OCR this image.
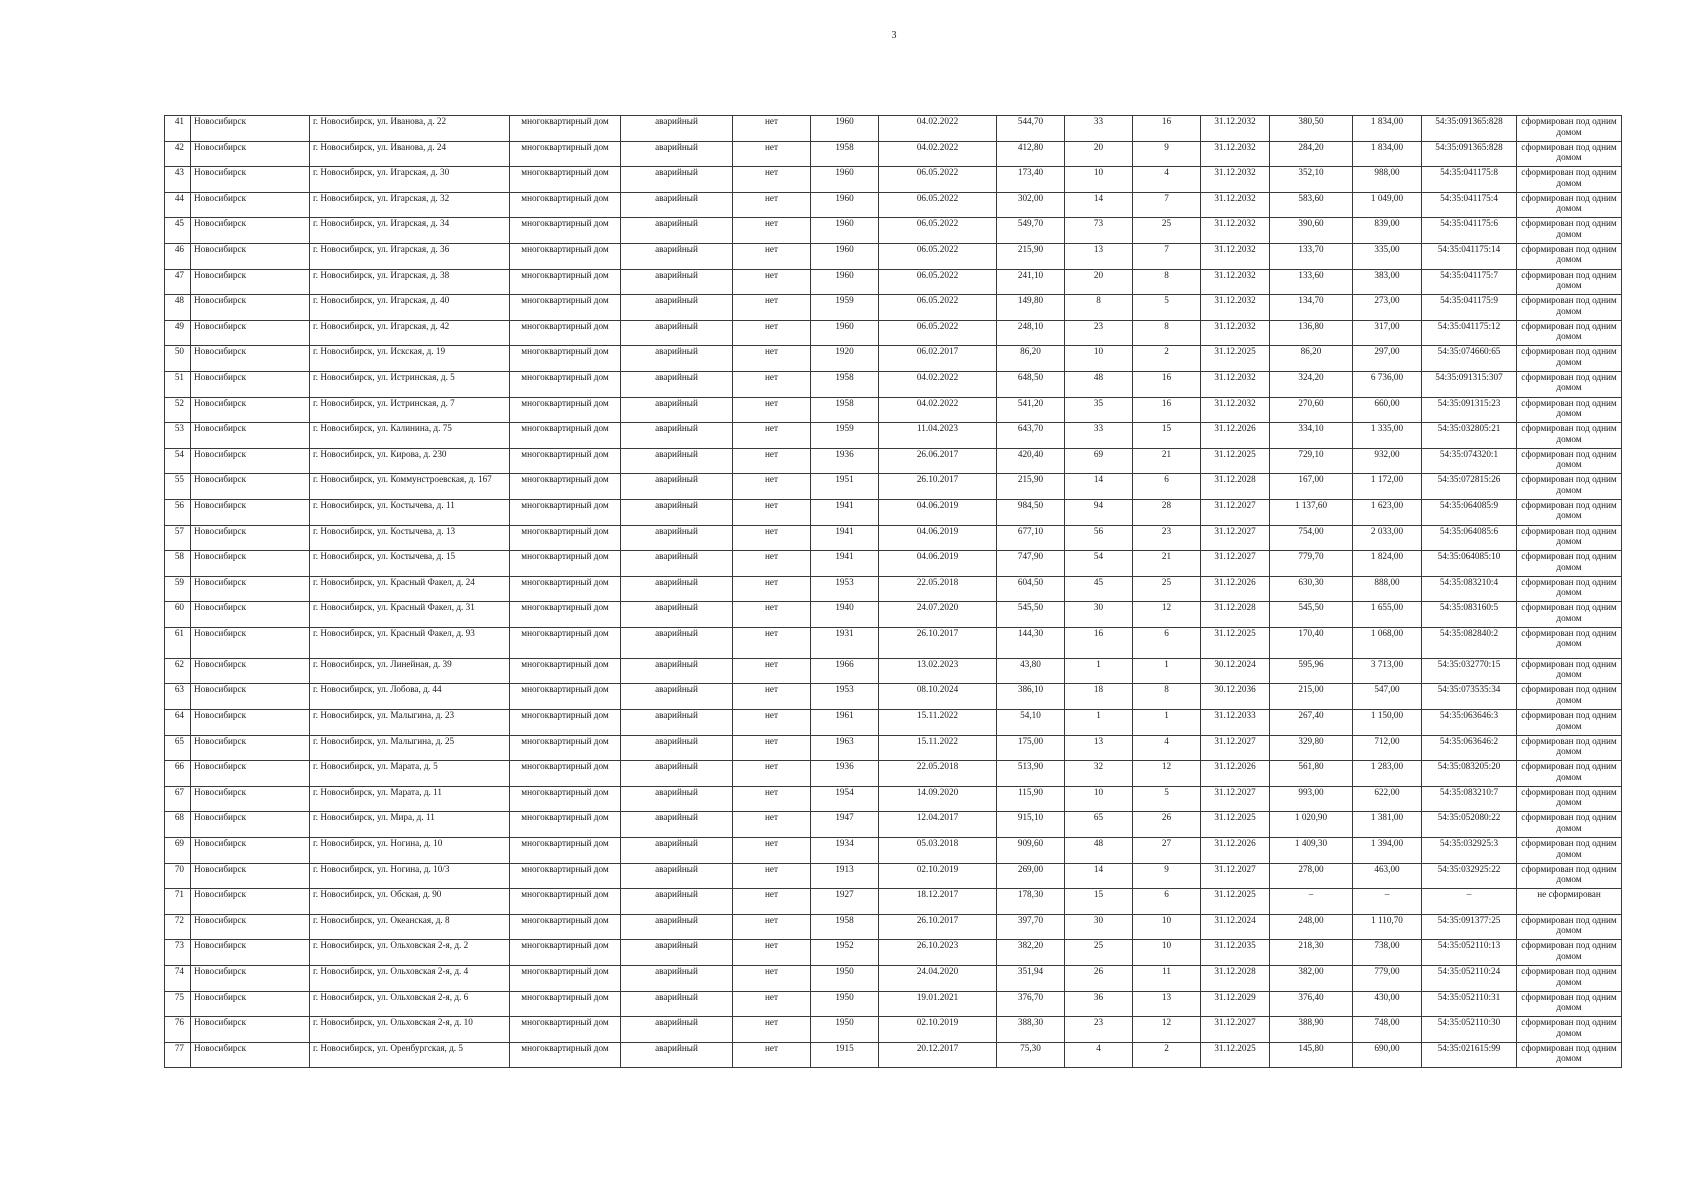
3
41	Новосибирск	г. Новосибирск, ул. Иванова, д. 22	многоквартирный дом	аварийный	нет	1960	04.02.2022	544,70	33	16	31.12.2032	380,50	1 834,00	54:35:091365:828	сформирован под одним домом
42	Новосибирск	г. Новосибирск, ул. Иванова, д. 24	многоквартирный дом	аварийный	нет	1958	04.02.2022	412,80	20	9	31.12.2032	284,20	1 834,00	54:35:091365:828	сформирован под одним домом
43	Новосибирск	г. Новосибирск, ул. Игарская, д. 30	многоквартирный дом	аварийный	нет	1960	06.05.2022	173,40	10	4	31.12.2032	352,10	988,00	54:35:041175:8	сформирован под одним домом
44	Новосибирск	г. Новосибирск, ул. Игарская, д. 32	многоквартирный дом	аварийный	нет	1960	06.05.2022	302,00	14	7	31.12.2032	583,60	1 049,00	54:35:041175:4	сформирован под одним домом
45	Новосибирск	г. Новосибирск, ул. Игарская, д. 34	многоквартирный дом	аварийный	нет	1960	06.05.2022	549,70	73	25	31.12.2032	390,60	839,00	54:35:041175:6	сформирован под одним домом
46	Новосибирск	г. Новосибирск, ул. Игарская, д. 36	многоквартирный дом	аварийный	нет	1960	06.05.2022	215,90	13	7	31.12.2032	133,70	335,00	54:35:041175:14	сформирован под одним домом
47	Новосибирск	г. Новосибирск, ул. Игарская, д. 38	многоквартирный дом	аварийный	нет	1960	06.05.2022	241,10	20	8	31.12.2032	133,60	383,00	54:35:041175:7	сформирован под одним домом
48	Новосибирск	г. Новосибирск, ул. Игарская, д. 40	многоквартирный дом	аварийный	нет	1959	06.05.2022	149,80	8	5	31.12.2032	134,70	273,00	54:35:041175:9	сформирован под одним домом
49	Новосибирск	г. Новосибирск, ул. Игарская, д. 42	многоквартирный дом	аварийный	нет	1960	06.05.2022	248,10	23	8	31.12.2032	136,80	317,00	54:35:041175:12	сформирован под одним домом
50	Новосибирск	г. Новосибирск, ул. Искская, д. 19	многоквартирный дом	аварийный	нет	1920	06.02.2017	86,20	10	2	31.12.2025	86,20	297,00	54:35:074660:65	сформирован под одним домом
51	Новосибирск	г. Новосибирск, ул. Истринская, д. 5	многоквартирный дом	аварийный	нет	1958	04.02.2022	648,50	48	16	31.12.2032	324,20	6 736,00	54:35:091315:307	сформирован под одним домом
52	Новосибирск	г. Новосибирск, ул. Истринская, д. 7	многоквартирный дом	аварийный	нет	1958	04.02.2022	541,20	35	16	31.12.2032	270,60	660,00	54:35:091315:23	сформирован под одним домом
53	Новосибирск	г. Новосибирск, ул. Калинина, д. 75	многоквартирный дом	аварийный	нет	1959	11.04.2023	643,70	33	15	31.12.2026	334,10	1 335,00	54:35:032805:21	сформирован под одним домом
54	Новосибирск	г. Новосибирск, ул. Кирова, д. 230	многоквартирный дом	аварийный	нет	1936	26.06.2017	420,40	69	21	31.12.2025	729,10	932,00	54:35:074320:1	сформирован под одним домом
55	Новосибирск	г. Новосибирск, ул. Коммунстроевская, д. 167	многоквартирный дом	аварийный	нет	1951	26.10.2017	215,90	14	6	31.12.2028	167,00	1 172,00	54:35:072815:26	сформирован под одним домом
56	Новосибирск	г. Новосибирск, ул. Костычева, д. 11	многоквартирный дом	аварийный	нет	1941	04.06.2019	984,50	94	28	31.12.2027	1 137,60	1 623,00	54:35:064085:9	сформирован под одним домом
57	Новосибирск	г. Новосибирск, ул. Костычева, д. 13	многоквартирный дом	аварийный	нет	1941	04.06.2019	677,10	56	23	31.12.2027	754,00	2 033,00	54:35:064085:6	сформирован под одним домом
58	Новосибирск	г. Новосибирск, ул. Костычева, д. 15	многоквартирный дом	аварийный	нет	1941	04.06.2019	747,90	54	21	31.12.2027	779,70	1 824,00	54:35:064085:10	сформирован под одним домом
59	Новосибирск	г. Новосибирск, ул. Красный Факел, д. 24	многоквартирный дом	аварийный	нет	1953	22.05.2018	604,50	45	25	31.12.2026	630,30	888,00	54:35:083210:4	сформирован под одним домом
60	Новосибирск	г. Новосибирск, ул. Красный Факел, д. 31	многоквартирный дом	аварийный	нет	1940	24.07.2020	545,50	30	12	31.12.2028	545,50	1 655,00	54:35:083160:5	сформирован под одним домом
61	Новосибирск	г. Новосибирск, ул. Красный Факел, д. 93	многоквартирный дом	аварийный	нет	1931	26.10.2017	144,30	16	6	31.12.2025	170,40	1 068,00	54:35:082840:2	сформирован под одним домом
62	Новосибирск	г. Новосибирск, ул. Линейная, д. 39	многоквартирный дом	аварийный	нет	1966	13.02.2023	43,80	1	1	30.12.2024	595,96	3 713,00	54:35:032770:15	сформирован под одним домом
63	Новосибирск	г. Новосибирск, ул. Лобова, д. 44	многоквартирный дом	аварийный	нет	1953	08.10.2024	386,10	18	8	30.12.2036	215,00	547,00	54:35:073535:34	сформирован под одним домом
64	Новосибирск	г. Новосибирск, ул. Малыгина, д. 23	многоквартирный дом	аварийный	нет	1961	15.11.2022	54,10	1	1	31.12.2033	267,40	1 150,00	54:35:063646:3	сформирован под одним домом
65	Новосибирск	г. Новосибирск, ул. Малыгина, д. 25	многоквартирный дом	аварийный	нет	1963	15.11.2022	175,00	13	4	31.12.2027	329,80	712,00	54:35:063646:2	сформирован под одним домом
66	Новосибирск	г. Новосибирск, ул. Марата, д. 5	многоквартирный дом	аварийный	нет	1936	22.05.2018	513,90	32	12	31.12.2026	561,80	1 283,00	54:35:083205:20	сформирован под одним домом
67	Новосибирск	г. Новосибирск, ул. Марата, д. 11	многоквартирный дом	аварийный	нет	1954	14.09.2020	115,90	10	5	31.12.2027	993,00	622,00	54:35:083210:7	сформирован под одним домом
68	Новосибирск	г. Новосибирск, ул. Мира, д. 11	многоквартирный дом	аварийный	нет	1947	12.04.2017	915,10	65	26	31.12.2025	1 020,90	1 381,00	54:35:052080:22	сформирован под одним домом
69	Новосибирск	г. Новосибирск, ул. Ногина, д. 10	многоквартирный дом	аварийный	нет	1934	05.03.2018	909,60	48	27	31.12.2026	1 409,30	1 394,00	54:35:032925:3	сформирован под одним домом
70	Новосибирск	г. Новосибирск, ул. Ногина, д. 10/3	многоквартирный дом	аварийный	нет	1913	02.10.2019	269,00	14	9	31.12.2027	278,00	463,00	54:35:032925:22	сформирован под одним домом
71	Новосибирск	г. Новосибирск, ул. Обская, д. 90	многоквартирный дом	аварийный	нет	1927	18.12.2017	178,30	15	6	31.12.2025	–	–	–	не сформирован
72	Новосибирск	г. Новосибирск, ул. Океанская, д. 8	многоквартирный дом	аварийный	нет	1958	26.10.2017	397,70	30	10	31.12.2024	248,00	1 110,70	54:35:091377:25	сформирован под одним домом
73	Новосибирск	г. Новосибирск, ул. Ольховская 2-я, д. 2	многоквартирный дом	аварийный	нет	1952	26.10.2023	382,20	25	10	31.12.2035	218,30	738,00	54:35:052110:13	сформирован под одним домом
74	Новосибирск	г. Новосибирск, ул. Ольховская 2-я, д. 4	многоквартирный дом	аварийный	нет	1950	24.04.2020	351,94	26	11	31.12.2028	382,00	779,00	54:35:052110:24	сформирован под одним домом
75	Новосибирск	г. Новосибирск, ул. Ольховская 2-я, д. 6	многоквартирный дом	аварийный	нет	1950	19.01.2021	376,70	36	13	31.12.2029	376,40	430,00	54:35:052110:31	сформирован под одним домом
76	Новосибирск	г. Новосибирск, ул. Ольховская 2-я, д. 10	многоквартирный дом	аварийный	нет	1950	02.10.2019	388,30	23	12	31.12.2027	388,90	748,00	54:35:052110:30	сформирован под одним домом
77	Новосибирск	г. Новосибирск, ул. Оренбургская, д. 5	многоквартирный дом	аварийный	нет	1915	20.12.2017	75,30	4	2	31.12.2025	145,80	690,00	54:35:021615:99	сформирован под одним домом
